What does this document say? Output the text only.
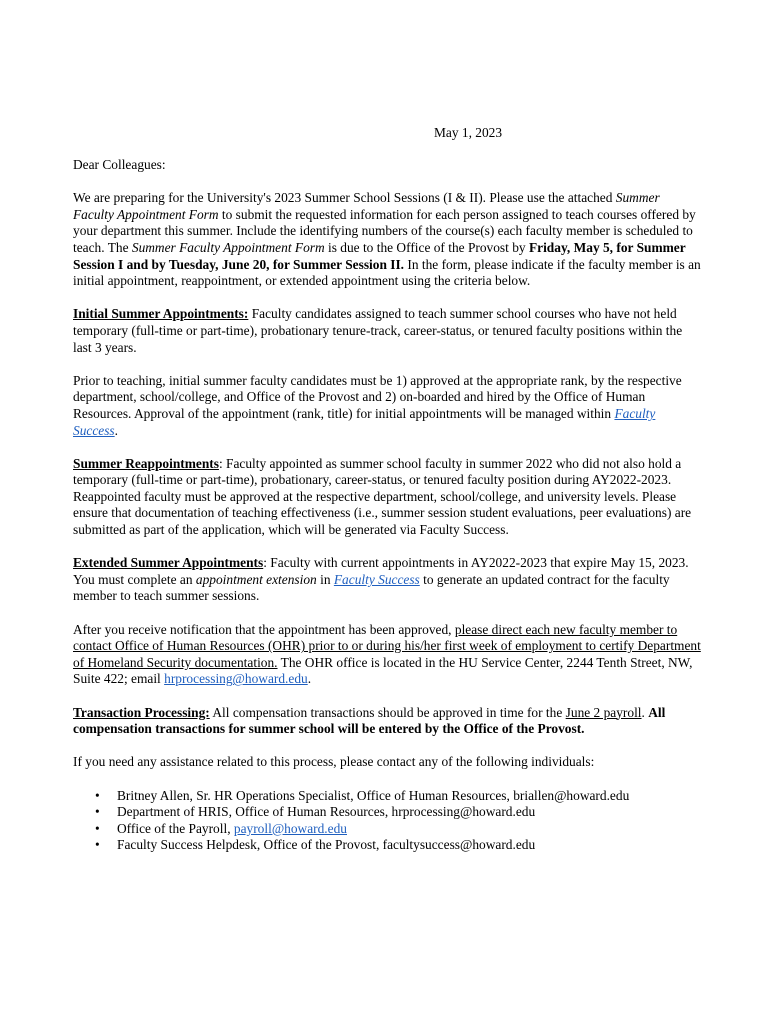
May 1, 2023

Dear Colleagues:

We are preparing for the University's 2023 Summer School Sessions (I & II). Please use the attached Summer Faculty Appointment Form to submit the requested information for each person assigned to teach courses offered by your department this summer. Include the identifying numbers of the course(s) each faculty member is scheduled to teach. The Summer Faculty Appointment Form is due to the Office of the Provost by Friday, May 5, for Summer Session I and by Tuesday, June 20, for Summer Session II. In the form, please indicate if the faculty member is an initial appointment, reappointment, or extended appointment using the criteria below.

Initial Summer Appointments: Faculty candidates assigned to teach summer school courses who have not held temporary (full-time or part-time), probationary tenure-track, career-status, or tenured faculty positions within the last 3 years.

Prior to teaching, initial summer faculty candidates must be 1) approved at the appropriate rank, by the respective department, school/college, and Office of the Provost and 2) on-boarded and hired by the Office of Human Resources. Approval of the appointment (rank, title) for initial appointments will be managed within Faculty Success.

Summer Reappointments: Faculty appointed as summer school faculty in summer 2022 who did not also hold a temporary (full-time or part-time), probationary, career-status, or tenured faculty position during AY2022-2023. Reappointed faculty must be approved at the respective department, school/college, and university levels. Please ensure that documentation of teaching effectiveness (i.e., summer session student evaluations, peer evaluations) are submitted as part of the application, which will be generated via Faculty Success.

Extended Summer Appointments: Faculty with current appointments in AY2022-2023 that expire May 15, 2023. You must complete an appointment extension in Faculty Success to generate an updated contract for the faculty member to teach summer sessions.

After you receive notification that the appointment has been approved, please direct each new faculty member to contact Office of Human Resources (OHR) prior to or during his/her first week of employment to certify Department of Homeland Security documentation. The OHR office is located in the HU Service Center, 2244 Tenth Street, NW, Suite 422; email hrprocessing@howard.edu.

Transaction Processing: All compensation transactions should be approved in time for the June 2 payroll. All compensation transactions for summer school will be entered by the Office of the Provost.

If you need any assistance related to this process, please contact any of the following individuals:

• Britney Allen, Sr. HR Operations Specialist, Office of Human Resources, briallen@howard.edu
• Department of HRIS, Office of Human Resources, hrprocessing@howard.edu
• Office of the Payroll, payroll@howard.edu
• Faculty Success Helpdesk, Office of the Provost, facultysuccess@howard.edu
